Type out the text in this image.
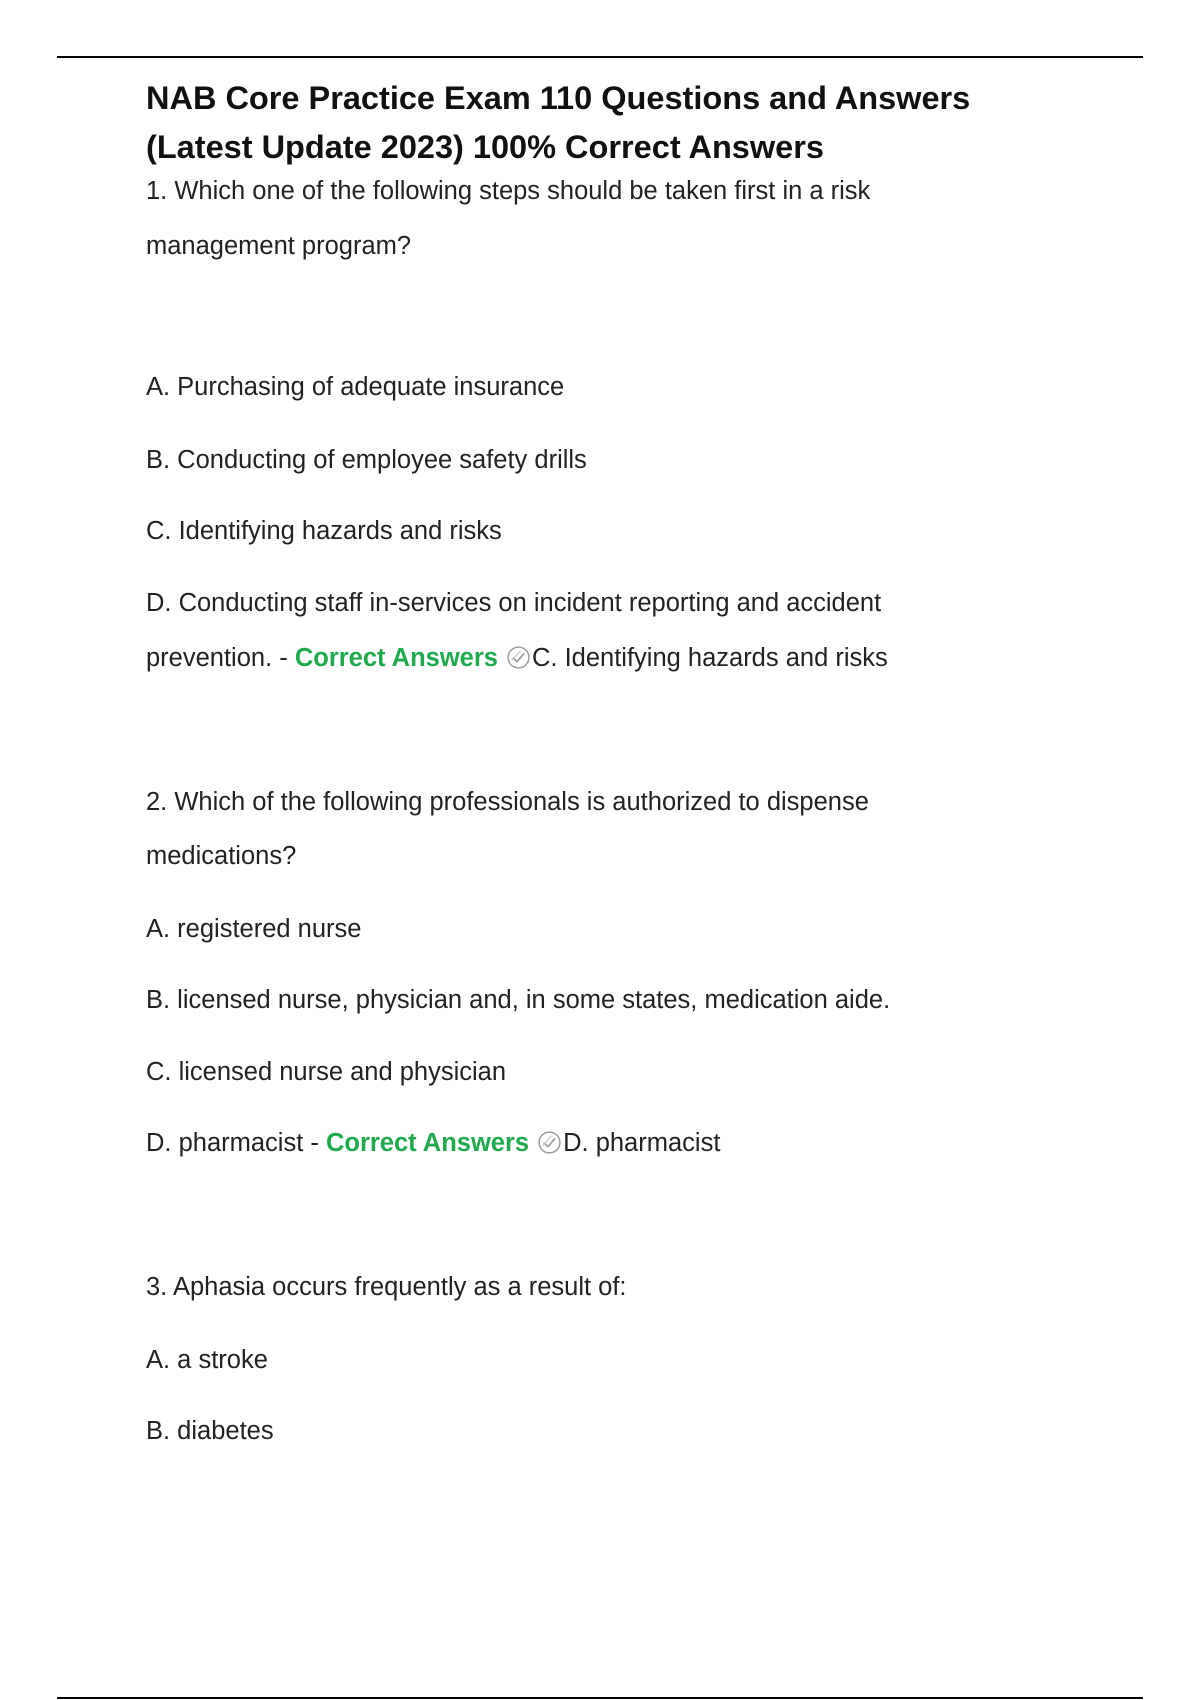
NAB Core Practice Exam 110 Questions and Answers
(Latest Update 2023) 100% Correct Answers

1. Which one of the following steps should be taken first in a risk

management program?

A. Purchasing of adequate insurance

B. Conducting of employee safety drills

C. Identifying hazards and risks

D. Conducting staff in-services on incident reporting and accident

prevention. - Correct Answers C. Identifying hazards and risks

2. Which of the following professionals is authorized to dispense

medications?

A. registered nurse

B. licensed nurse, physician and, in some states, medication aide.

C. licensed nurse and physician

D. pharmacist - Correct Answers D. pharmacist

3. Aphasia occurs frequently as a result of:

A. a stroke

B. diabetes
